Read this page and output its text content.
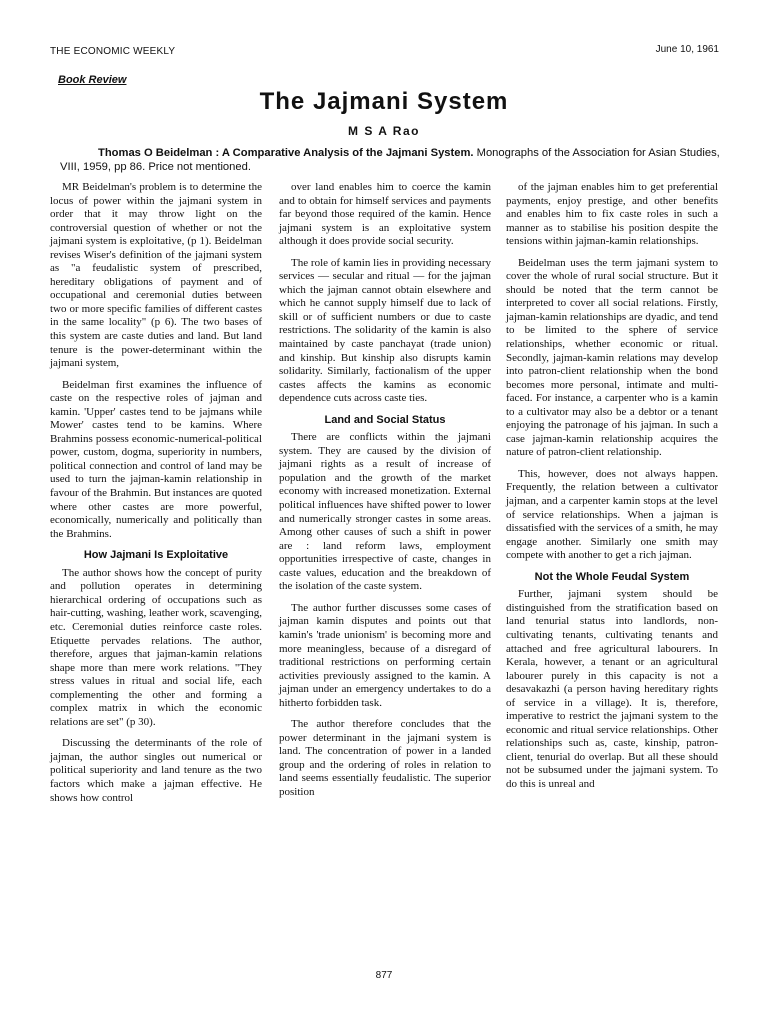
THE ECONOMIC WEEKLY	June 10, 1961
Book Review
The Jajmani System
M S A Rao
Thomas O Beidelman : A Comparative Analysis of the Jajmani System. Monographs of the Association for Asian Studies, VIII, 1959, pp 86. Price not mentioned.

MR Beidelman's problem is to determine the locus of power within the jajmani system in order that it may throw light on the controversial question of whether or not the jajmani system is exploitative, (p 1). Beidelman revises Wiser's definition of the jajmani system as "a feudalistic system of prescribed, hereditary obligations of payment and of occupational and ceremonial duties between two or more specific families of different castes in the same locality" (p 6). The two bases of this system are caste duties and land. But land tenure is the power-determinant within the jajmani system,

Beidelman first examines the influence of caste on the respective roles of jajman and kamin. 'Upper' castes tend to be jajmans while Mower' castes tend to be kamins. Where Brahmins possess economic-numerical-political power, custom, dogma, superiority in numbers, political connection and control of land may be used to turn the jajman-kamin relationship in favour of the Brahmin. But instances are quoted where other castes are more powerful, economically, numerically and politically than the Brahmins.

How Jajmani Is Exploitative

The author shows how the concept of purity and pollution operates in determining hierarchical ordering of occupations such as hair-cutting, washing, leather work, scavenging, etc. Ceremonial duties reinforce caste roles. Etiquette pervades relations. The author, therefore, argues that jajman-kamin relations shape more than mere work relations. "They stress values in ritual and social life, each complementing the other and forming a complex matrix in which the economic relations are set" (p 30).

Discussing the determinants of the role of jajman, the author singles out numerical or political superiority and land tenure as the two factors which make a jajman effective. He shows how control

over land enables him to coerce the kamin and to obtain for himself services and payments far beyond those required of the kamin. Hence jajmani system is an exploitative system although it does provide social security.

The role of kamin lies in providing necessary services — secular and ritual — for the jajman which the jajman cannot obtain elsewhere and which he cannot supply himself due to lack of skill or of sufficient numbers or due to caste restrictions. The solidarity of the kamin is also maintained by caste panchayat (trade union) and kinship. But kinship also disrupts kamin solidarity. Similarly, factionalism of the upper castes affects the kamins as economic dependence cuts across caste ties.

Land and Social Status

There are conflicts within the jajmani system. They are caused by the division of jajmani rights as a result of increase of population and the growth of the market economy with increased monetization. External political influences have shifted power to lower and numerically stronger castes in some areas. Among other causes of such a shift in power are : land reform laws, employment opportunities irrespective of caste, changes in caste values, education and the breakdown of the isolation of the caste system.

The author further discusses some cases of jajman kamin disputes and points out that kamin's 'trade unionism' is becoming more and more meaningless, because of a disregard of traditional restrictions on performing certain activities previously assigned to the kamin. A jajman under an emergency undertakes to do a hitherto forbidden task.

The author therefore concludes that the power determinant in the jajmani system is land. The concentration of power in a landed group and the ordering of roles in relation to land seems essentially feudalistic. The superior position

of the jajman enables him to get preferential payments, enjoy prestige, and other benefits and enables him to fix caste roles in such a manner as to stabilise his position despite the tensions within jajman-kamin relationships.

Beidelman uses the term jajmani system to cover the whole of rural social structure. But it should be noted that the term cannot be interpreted to cover all social relations. Firstly, jajman-kamin relationships are dyadic, and tend to be limited to the sphere of service relationships, whether economic or ritual. Secondly, jajman-kamin relations may develop into patron-client relationship when the bond becomes more personal, intimate and multi-faced. For instance, a carpenter who is a kamin to a cultivator may also be a debtor or a tenant enjoying the patronage of his jajman. In such a case jajman-kamin relationship acquires the nature of patron-client relationship.

This, however, does not always happen. Frequently, the relation between a cultivator jajman, and a carpenter kamin stops at the level of service relationships. When a jajman is dissatisfied with the services of a smith, he may engage another. Similarly one smith may compete with another to get a rich jajman.

Not the Whole Feudal System

Further, jajmani system should be distinguished from the stratification based on land tenurial status into landlords, non-cultivating tenants, cultivating tenants and attached and free agricultural labourers. In Kerala, however, a tenant or an agricultural labourer purely in this capacity is not a desavakazhi (a person having hereditary rights of service in a village). It is, therefore, imperative to restrict the jajmani system to the economic and ritual service relationships. Other relationships such as, caste, kinship, patron-client, tenurial do overlap. But all these should not be subsumed under the jajmani system. To do this is unreal and

877
